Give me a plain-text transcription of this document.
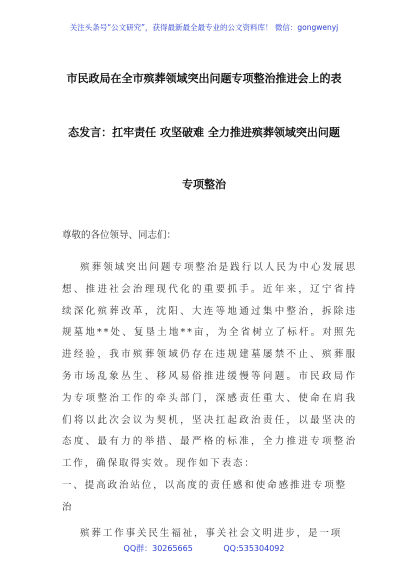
关注头条号“公文研究”，获得最新最全最专业的公文资料库！ 微信：gongwenyj
市民政局在全市殡葬领域突出问题专项整治推进会上的表
态发言：扛牢责任 攻坚破难 全力推进殡葬领域突出问题
专项整治

尊敬的各位领导、同志们：

殡葬领域突出问题专项整治是践行以人民为中心发展思想、推进社会治理现代化的重要抓手。近年来，辽宁省持续深化殡葬改革，沈阳、大连等地通过集中整治，拆除违规墓地**处、复垦土地**亩，为全省树立了标杆。对照先进经验，我市殡葬领域仍存在违规建墓屡禁不止、殡葬服务市场乱象丛生、移风易俗推进缓慢等问题。市民政局作为专项整治工作的牵头部门，深感责任重大、使命在肩我们将以此次会议为契机，坚决扛起政治责任，以最坚决的态度、最有力的举措、最严格的标准，全力推进专项整治工作，确保取得实效。现作如下表态：

一、提高政治站位，以高度的责任感和使命感推进专项整治

殡葬工作事关民生福祉，事关社会文明进步，是一项

QQ群：30265665	QQ:535304092
